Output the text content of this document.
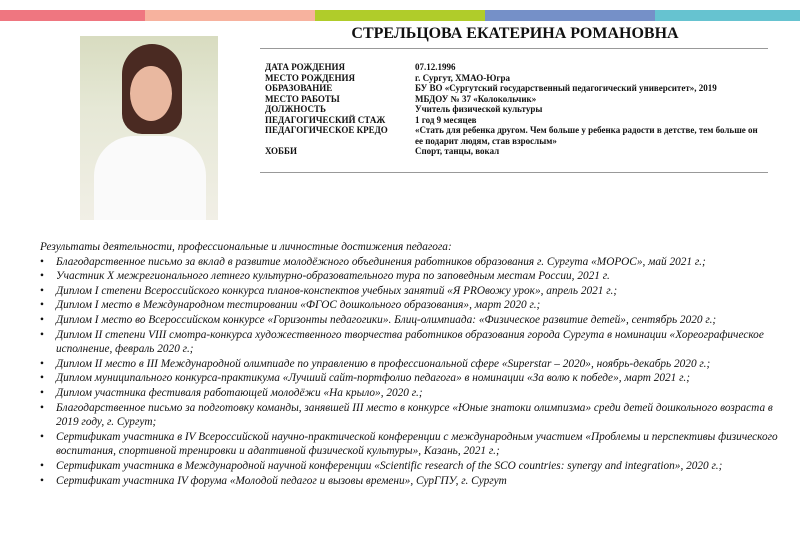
СТРЕЛЬЦОВА ЕКАТЕРИНА РОМАНОВНА
ДАТА РОЖДЕНИЯ	07.12.1996
МЕСТО РОЖДЕНИЯ	г. Сургут, ХМАО-Югра
ОБРАЗОВАНИЕ	БУ ВО «Сургутский государственный педагогический университет», 2019
МЕСТО РАБОТЫ	МБДОУ № 37 «Колокольчик»
ДОЛЖНОСТЬ	Учитель физической культуры
ПЕДАГОГИЧЕСКИЙ СТАЖ	1 год 9 месяцев
ПЕДАГОГИЧЕСКОЕ КРЕДО	«Стать для ребенка другом. Чем больше у ребенка радости в детстве, тем больше он ее подарит людям, став взрослым»
ХОББИ	Спорт, танцы, вокал
Результаты деятельности, профессиональные и личностные достижения педагога:
• Благодарственное письмо за вклад в развитие молодёжного объединения работников образования г. Сургута «МОРОС», май 2021 г.;
• Участник X межрегионального летнего культурно-образовательного тура по заповедным местам России, 2021 г.
• Диплом I степени Всероссийского конкурса планов-конспектов учебных занятий «Я PROвожу урок», апрель 2021 г.;
• Диплом I место в Международном тестировании «ФГОС дошкольного образования», март 2020 г.;
• Диплом I место во Всероссийском конкурсе «Горизонты педагогики». Блиц-олимпиада: «Физическое развитие детей», сентябрь 2020 г.;
• Диплом II степени VIII смотра-конкурса художественного творчества работников образования города Сургута в номинации «Хореографическое исполнение, февраль 2020 г.;
• Диплом II место в III Международной олимпиаде по управлению в профессиональной сфере «Superstar – 2020», ноябрь-декабрь 2020 г.;
• Диплом муниципального конкурса-практикума «Лучший сайт-портфолио педагога» в номинации «За волю к победе», март 2021 г.;
• Диплом участника фестиваля работающей молодёжи «На крыло», 2020 г.;
• Благодарственное письмо за подготовку команды, занявшей III место в конкурсе «Юные знатоки олимпизма» среди детей дошкольного возраста в 2019 году, г. Сургут;
• Сертификат участника в IV Всероссийской научно-практической конференции с международным участием «Проблемы и перспективы физического воспитания, спортивной тренировки и адаптивной физической культуры», Казань, 2021 г.;
• Сертификат участника в Международной научной конференции «Scientific research of the SCO countries: synergy and integration», 2020 г.;
• Сертификат участника IV форума «Молодой педагог и вызовы времени», СурГПУ, г. Сургут
